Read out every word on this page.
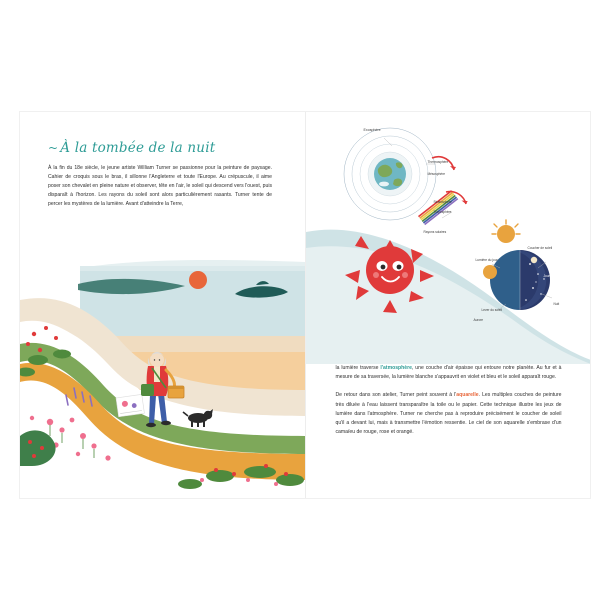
~ À la tombée de la nuit
À la fin du 18e siècle, le jeune artiste William Turner se passionne pour la peinture de paysage. Cahier de croquis sous le bras, il sillonne l'Angleterre et toute l'Europe. Au crépuscule, il aime poser son chevalet en pleine nature et observer, tête en l'air, le soleil qui descend vers l'ouest, puis disparaît à l'horizon. Les rayons du soleil sont alors particulièrement rasants. Turner tente de percer les mystères de la lumière. Avant d'atteindre la Terre,
Exosphère
Thermosphère
Mésosphère
Stratosphère
Troposphère
Rayons solaires
Lumière du jour
Coucher de soleil
Lever du soleil
Aurore
Jour
Nuit

la lumière traverse l'atmosphère, une couche d'air épaisse qui entoure notre planète. Au fur et à mesure de sa traversée, la lumière blanche s'appauvrit en violet et bleu et le soleil apparaît rouge.

De retour dans son atelier, Turner peint souvent à l'aquarelle. Les multiples couches de peinture très diluée à l'eau laissent transparaître la toile ou le papier. Cette technique illustre les jeux de lumière dans l'atmosphère. Turner ne cherche pas à reproduire précisément le coucher de soleil qu'il a devant lui, mais à transmettre l'émotion ressentie. Le ciel de son aquarelle s'embrase d'un camaïeu de rouge, rose et orangé.
